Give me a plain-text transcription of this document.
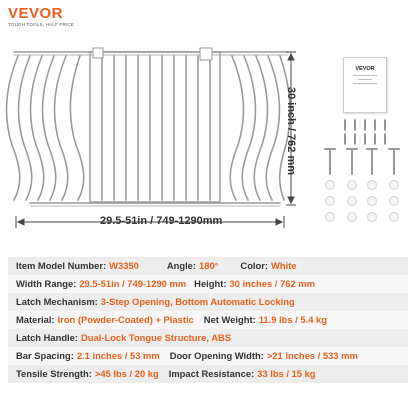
VEVOR
TOUGH TOOLS, HALF PRICE
30 inch / 762 mm
29.5-51in / 749-1290mm
VEVOR
Item Model Number: W3350	Angle: 180° Color: White
Width Range: 29.5-51in / 749-1290 mm Height: 30 inches / 762 mm
Latch Mechanism: 3-Step Opening, Bottom Automatic Locking
Material: Iron (Powder-Coated) + Plastic Net Weight: 11.9 lbs / 5.4 kg
Latch Handle: Dual-Lock Tongue Structure, ABS
Bar Spacing: 2.1 inches / 53 mm Door Opening Width: >21 inches / 533 mm
Tensile Strength: >45 lbs / 20 kg Impact Resistance: 33 lbs / 15 kg
